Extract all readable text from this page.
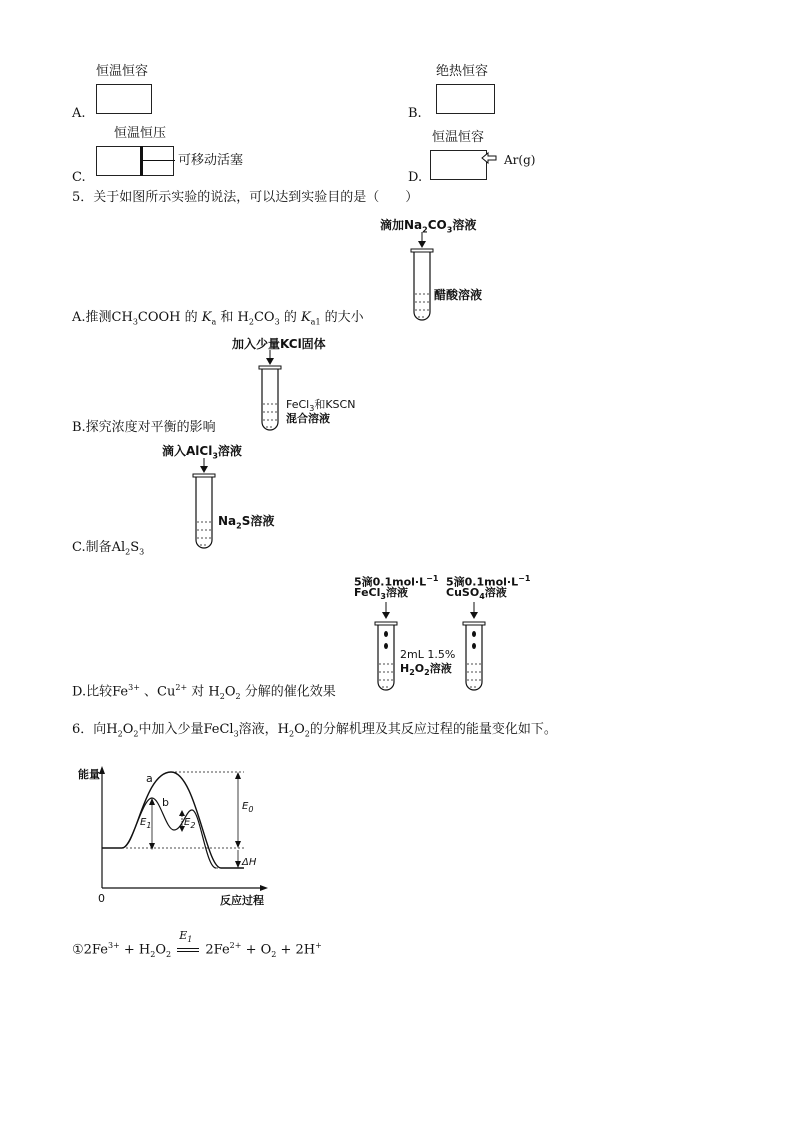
恒温恒容
A.
绝热恒容
B.
恒温恒压
可移动活塞
C.
恒温恒容
Ar(g)
D.
5．关于如图所示实验的说法，可以达到实验目的是（　　）
滴加$Na_2CO_3$溶液
醋酸溶液
A.推测$CH_3COOH$ 的 $K_a$ 和 $H_2CO_3$ 的 $K_{a1}$ 的大小
加入少量KCl固体
FeCl$_3$和KSCN
混合溶液
B.探究浓度对平衡的影响
滴入AlCl$_3$溶液
$Na_2S$溶液
C.制备$Al_2S_3$
5滴$0.1mol\cdot L^{-1}$
FeCl$_3$溶液
5滴$0.1mol\cdot L^{-1}$
CuSO$_4$溶液
2mL 1.5%
$H_2O_2$溶液
D.比较$Fe^{3+}$ 、$Cu^{2+}$ 对 $H_2O_2$ 分解的催化效果
6．向$H_2O_2$中加入少量FeCl$_3$溶液，$H_2O_2$的分解机理及其反应过程的能量变化如下。
能量
0	反应过程
a
b
$E_1$	$E_2$
$E_0$
ΔH
$①2Fe^{3+} + H_2O_2$
$E_1$
$2Fe^{2+} + O_2 + 2H^+$
